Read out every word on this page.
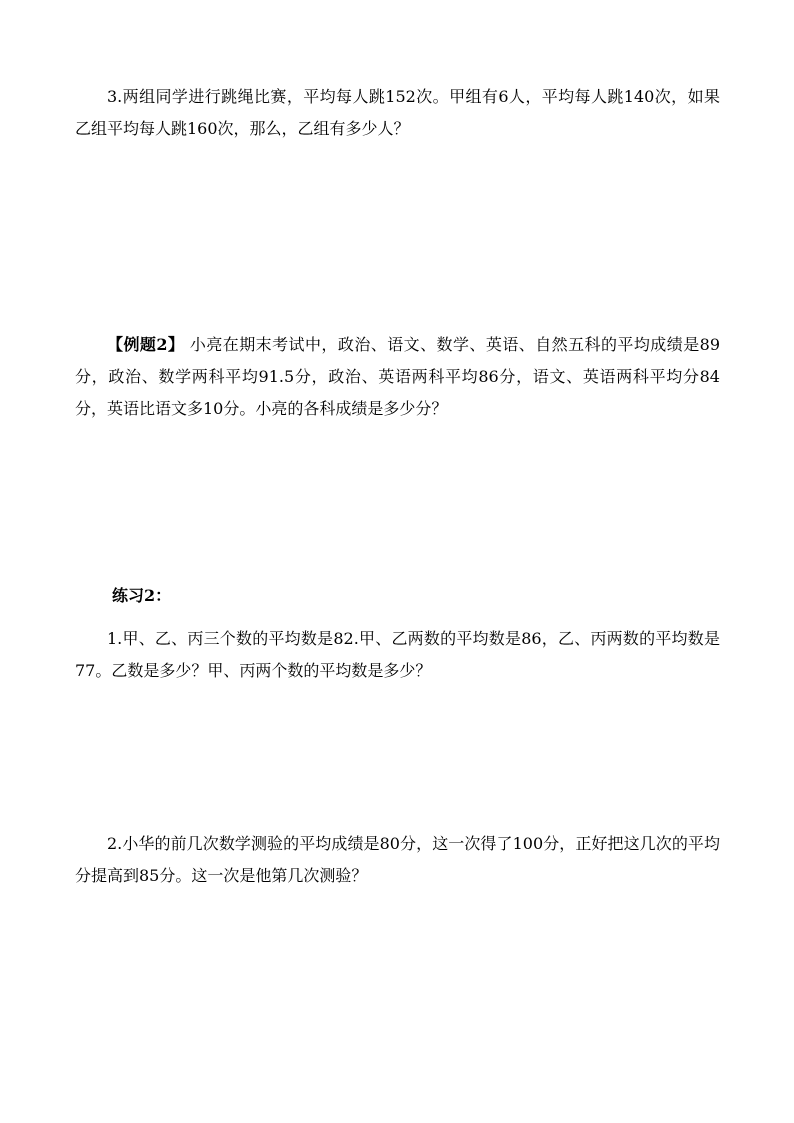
3.两组同学进行跳绳比赛，平均每人跳152次。甲组有6人，平均每人跳140次，如果乙组平均每人跳160次，那么，乙组有多少人？

【例题2】 小亮在期末考试中，政治、语文、数学、英语、自然五科的平均成绩是89分，政治、数学两科平均91.5分，政治、英语两科平均86分，语文、英语两科平均分84分，英语比语文多10分。小亮的各科成绩是多少分？

练习2：

1.甲、乙、丙三个数的平均数是82.甲、乙两数的平均数是86，乙、丙两数的平均数是77。乙数是多少？甲、丙两个数的平均数是多少？

2.小华的前几次数学测验的平均成绩是80分，这一次得了100分，正好把这几次的平均分提高到85分。这一次是他第几次测验？
